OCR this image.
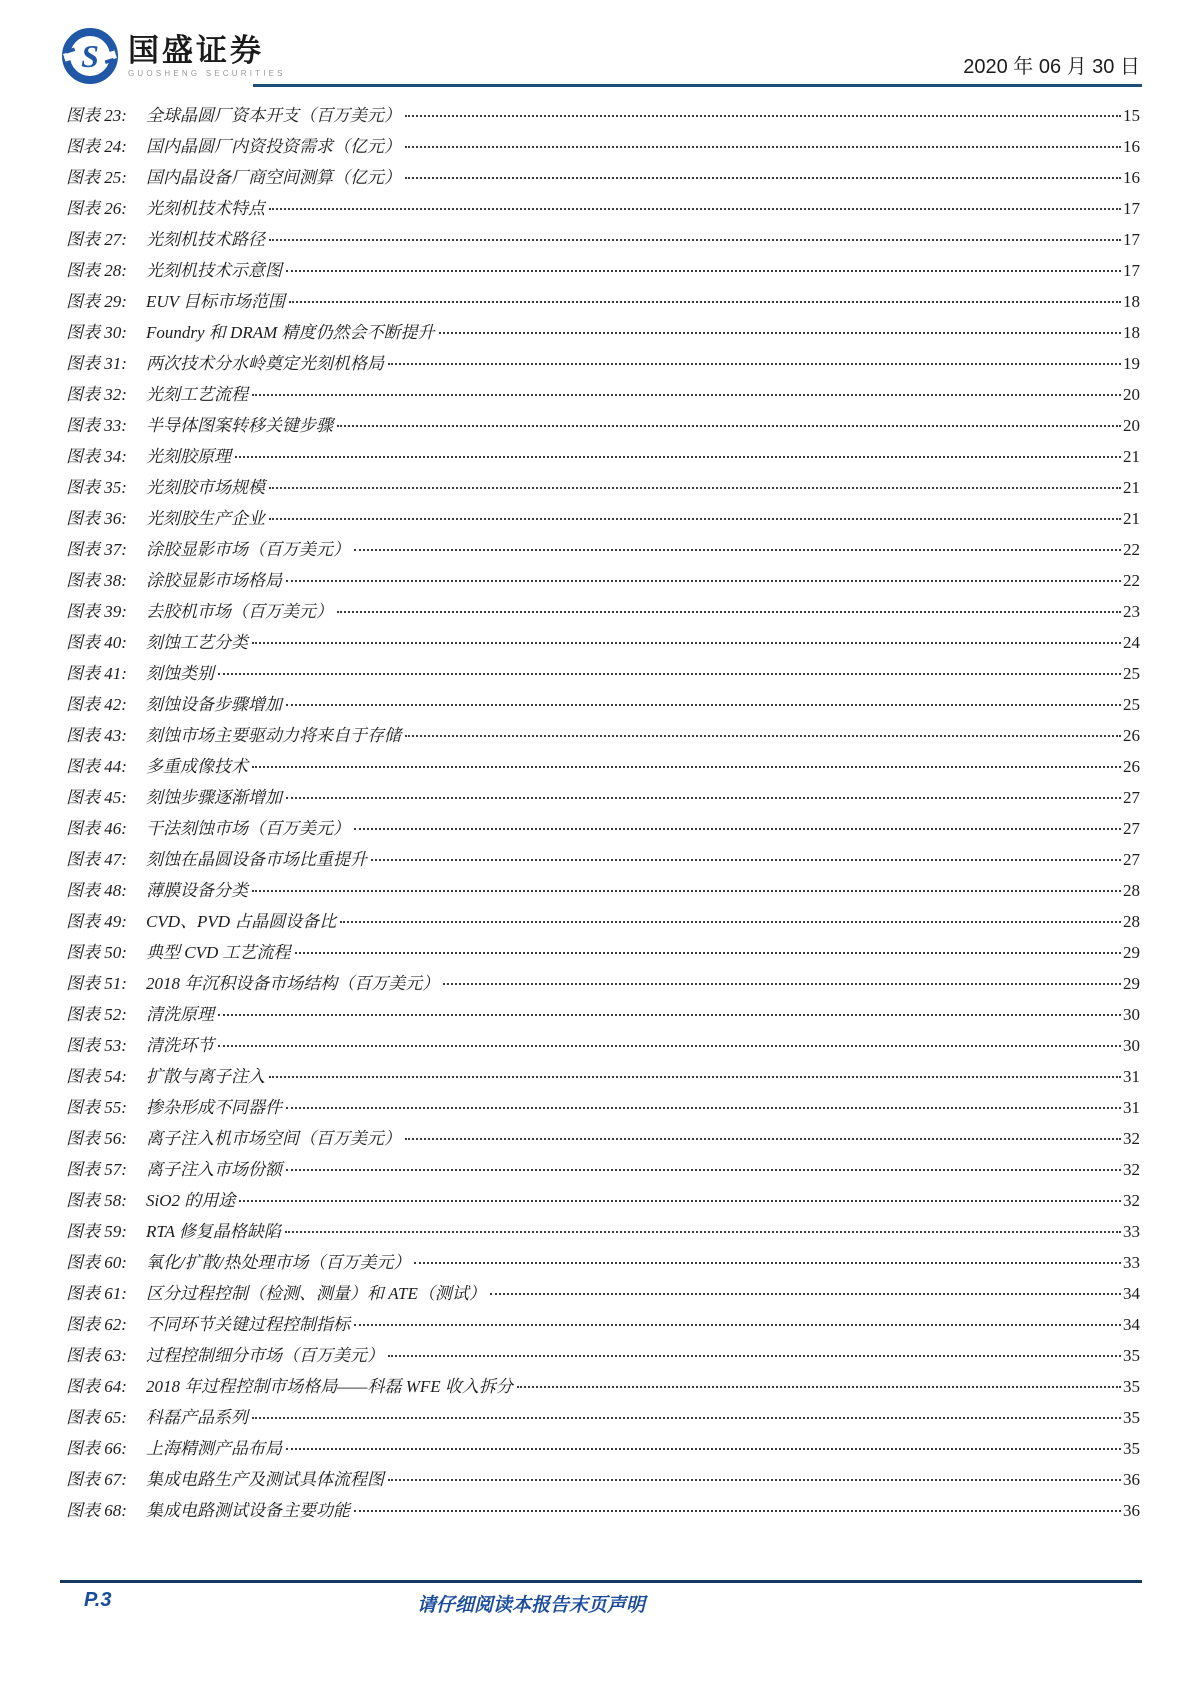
S 国盛证券
GUOSHENG SECURITIES	2020 年 06 月 30 日
图表 23:	全球晶圆厂资本开支（百万美元）	15
图表 24:	国内晶圆厂内资投资需求（亿元）	16
图表 25:	国内晶设备厂商空间测算（亿元）	16
图表 26:	光刻机技术特点	17
图表 27:	光刻机技术路径	17
图表 28:	光刻机技术示意图	17
图表 29:	EUV 目标市场范围	18
图表 30:	Foundry 和 DRAM 精度仍然会不断提升	18
图表 31:	两次技术分水岭奠定光刻机格局	19
图表 32:	光刻工艺流程	20
图表 33:	半导体图案转移关键步骤	20
图表 34:	光刻胶原理	21
图表 35:	光刻胶市场规模	21
图表 36:	光刻胶生产企业	21
图表 37:	涂胶显影市场（百万美元）	22
图表 38:	涂胶显影市场格局	22
图表 39:	去胶机市场（百万美元）	23
图表 40:	刻蚀工艺分类	24
图表 41:	刻蚀类别	25
图表 42:	刻蚀设备步骤增加	25
图表 43:	刻蚀市场主要驱动力将来自于存储	26
图表 44:	多重成像技术	26
图表 45:	刻蚀步骤逐渐增加	27
图表 46:	干法刻蚀市场（百万美元）	27
图表 47:	刻蚀在晶圆设备市场比重提升	27
图表 48:	薄膜设备分类	28
图表 49:	CVD、PVD 占晶圆设备比	28
图表 50:	典型 CVD 工艺流程	29
图表 51:	2018 年沉积设备市场结构（百万美元）	29
图表 52:	清洗原理	30
图表 53:	清洗环节	30
图表 54:	扩散与离子注入	31
图表 55:	掺杂形成不同器件	31
图表 56:	离子注入机市场空间（百万美元）	32
图表 57:	离子注入市场份额	32
图表 58:	SiO2 的用途	32
图表 59:	RTA 修复晶格缺陷	33
图表 60:	氧化/扩散/热处理市场（百万美元）	33
图表 61:	区分过程控制（检测、测量）和 ATE（测试）	34
图表 62:	不同环节关键过程控制指标	34
图表 63:	过程控制细分市场（百万美元）	35
图表 64:	2018 年过程控制市场格局——科磊 WFE 收入拆分	35
图表 65:	科磊产品系列	35
图表 66:	上海精测产品布局	35
图表 67:	集成电路生产及测试具体流程图	36
图表 68:	集成电路测试设备主要功能	36
P.3	请仔细阅读本报告末页声明
